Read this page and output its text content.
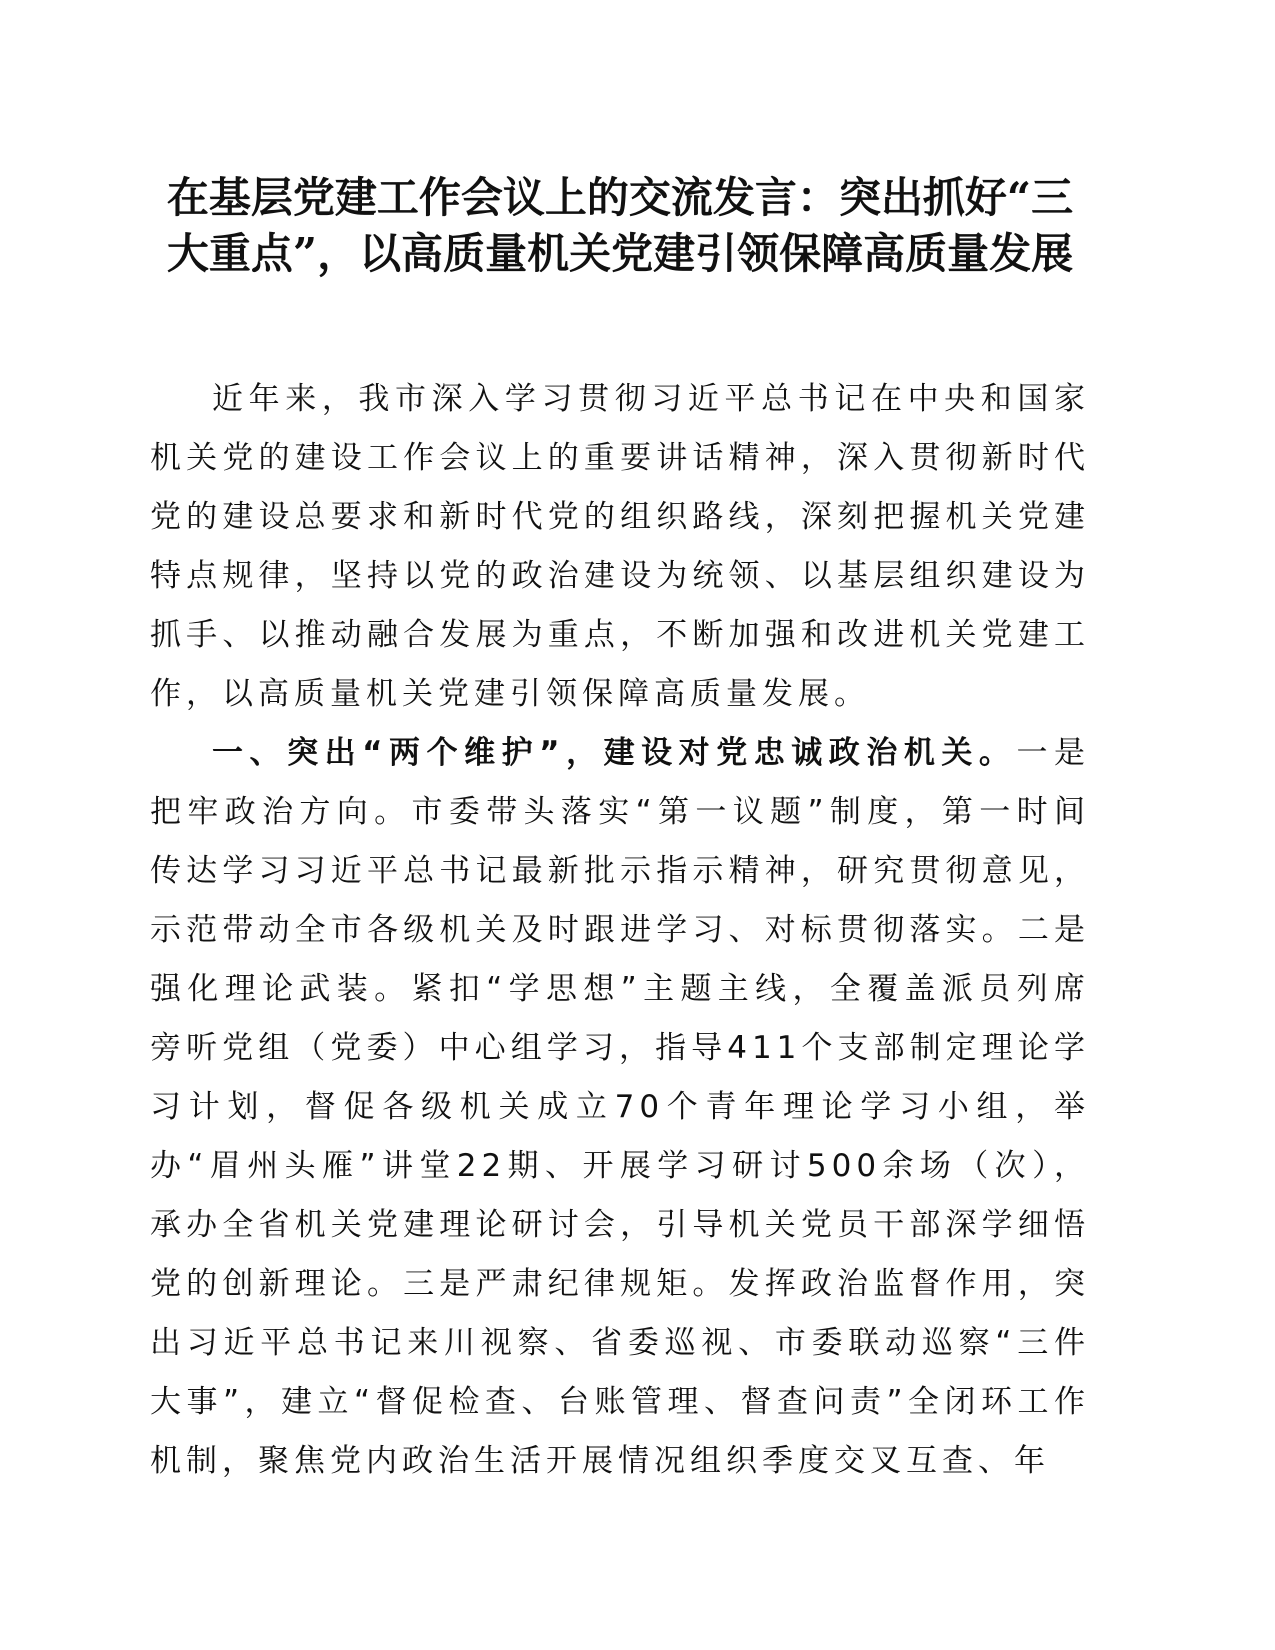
在基层党建工作会议上的交流发言：突出抓好“三大重点”，以高质量机关党建引领保障高质量发展

近年来，我市深入学习贯彻习近平总书记在中央和国家机关党的建设工作会议上的重要讲话精神，深入贯彻新时代党的建设总要求和新时代党的组织路线，深刻把握机关党建特点规律，坚持以党的政治建设为统领、以基层组织建设为抓手、以推动融合发展为重点，不断加强和改进机关党建工作，以高质量机关党建引领保障高质量发展。

一、突出“两个维护”，建设对党忠诚政治机关。一是把牢政治方向。市委带头落实“第一议题”制度，第一时间传达学习习近平总书记最新批示指示精神，研究贯彻意见，示范带动全市各级机关及时跟进学习、对标贯彻落实。二是强化理论武装。紧扣“学思想”主题主线，全覆盖派员列席旁听党组（党委）中心组学习，指导411个支部制定理论学习计划，督促各级机关成立70个青年理论学习小组，举办“眉州头雁”讲堂22期、开展学习研讨500余场（次），承办全省机关党建理论研讨会，引导机关党员干部深学细悟党的创新理论。三是严肃纪律规矩。发挥政治监督作用，突出习近平总书记来川视察、省委巡视、市委联动巡察“三件大事”，建立“督促检查、台账管理、督查问责”全闭环工作机制，聚焦党内政治生活开展情况组织季度交叉互查、年
